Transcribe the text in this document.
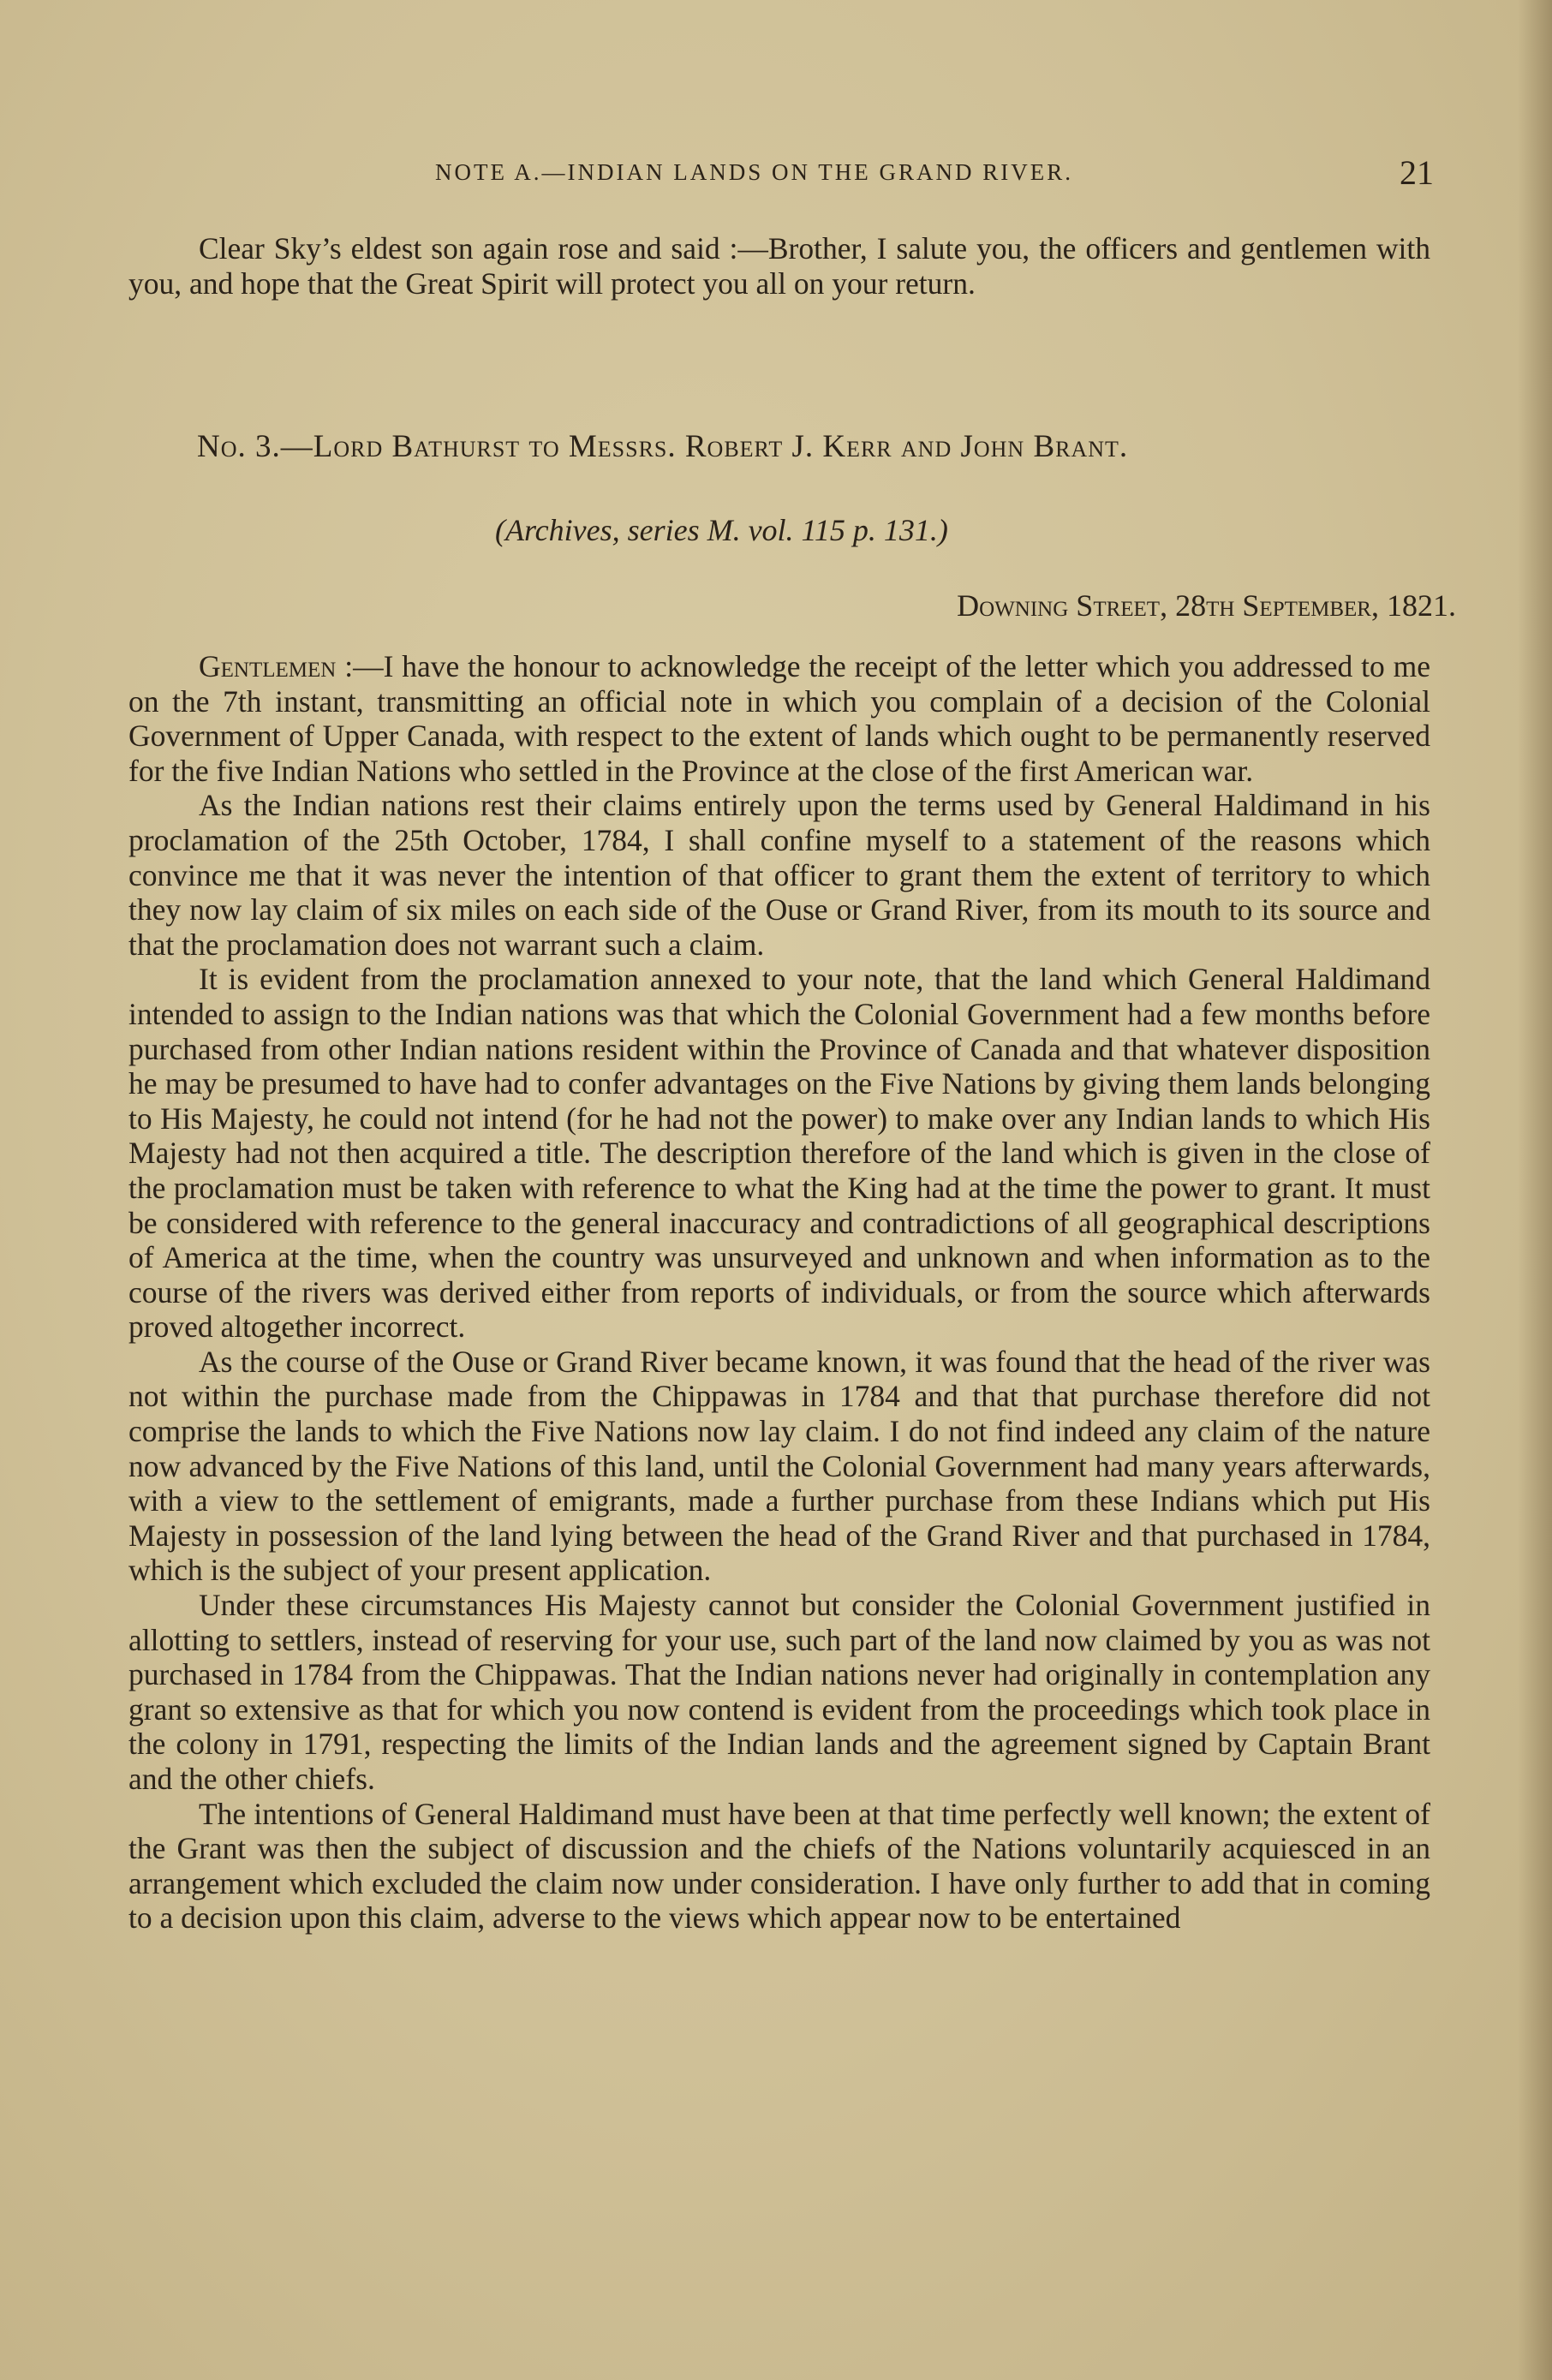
NOTE A.—INDIAN LANDS ON THE GRAND RIVER.	21

Clear Sky’s eldest son again rose and said :—Brother, I salute you, the officers and gentlemen with you, and hope that the Great Spirit will protect you all on your return.

No. 3.—Lord Bathurst to Messrs. Robert J. Kerr and John Brant.
(Archives, series M. vol. 115 p. 131.)
Downing Street, 28th September, 1821.

Gentlemen :—I have the honour to acknowledge the receipt of the letter which you addressed to me on the 7th instant, transmitting an official note in which you complain of a decision of the Colonial Government of Upper Canada, with respect to the extent of lands which ought to be permanently reserved for the five Indian Nations who settled in the Province at the close of the first American war.

As the Indian nations rest their claims entirely upon the terms used by General Haldimand in his proclamation of the 25th October, 1784, I shall confine myself to a statement of the reasons which convince me that it was never the intention of that officer to grant them the extent of territory to which they now lay claim of six miles on each side of the Ouse or Grand River, from its mouth to its source and that the proclamation does not warrant such a claim.

It is evident from the proclamation annexed to your note, that the land which General Haldimand intended to assign to the Indian nations was that which the Colonial Government had a few months before purchased from other Indian nations resident within the Province of Canada and that whatever disposition he may be presumed to have had to confer advantages on the Five Nations by giving them lands belonging to His Majesty, he could not intend (for he had not the power) to make over any Indian lands to which His Majesty had not then acquired a title. The description therefore of the land which is given in the close of the proclamation must be taken with reference to what the King had at the time the power to grant. It must be considered with reference to the general inaccuracy and contradictions of all geographical descriptions of America at the time, when the country was unsurveyed and unknown and when information as to the course of the rivers was derived either from reports of individuals, or from the source which afterwards proved altogether incorrect.

As the course of the Ouse or Grand River became known, it was found that the head of the river was not within the purchase made from the Chippawas in 1784 and that that purchase therefore did not comprise the lands to which the Five Nations now lay claim. I do not find indeed any claim of the nature now advanced by the Five Nations of this land, until the Colonial Government had many years afterwards, with a view to the settlement of emigrants, made a further purchase from these Indians which put His Majesty in possession of the land lying between the head of the Grand River and that purchased in 1784, which is the subject of your present application.

Under these circumstances His Majesty cannot but consider the Colonial Government justified in allotting to settlers, instead of reserving for your use, such part of the land now claimed by you as was not purchased in 1784 from the Chippawas. That the Indian nations never had originally in contemplation any grant so extensive as that for which you now contend is evident from the proceedings which took place in the colony in 1791, respecting the limits of the Indian lands and the agreement signed by Captain Brant and the other chiefs.

The intentions of General Haldimand must have been at that time perfectly well known; the extent of the Grant was then the subject of discussion and the chiefs of the Nations voluntarily acquiesced in an arrangement which excluded the claim now under consideration. I have only further to add that in coming to a decision upon this claim, adverse to the views which appear now to be entertained
